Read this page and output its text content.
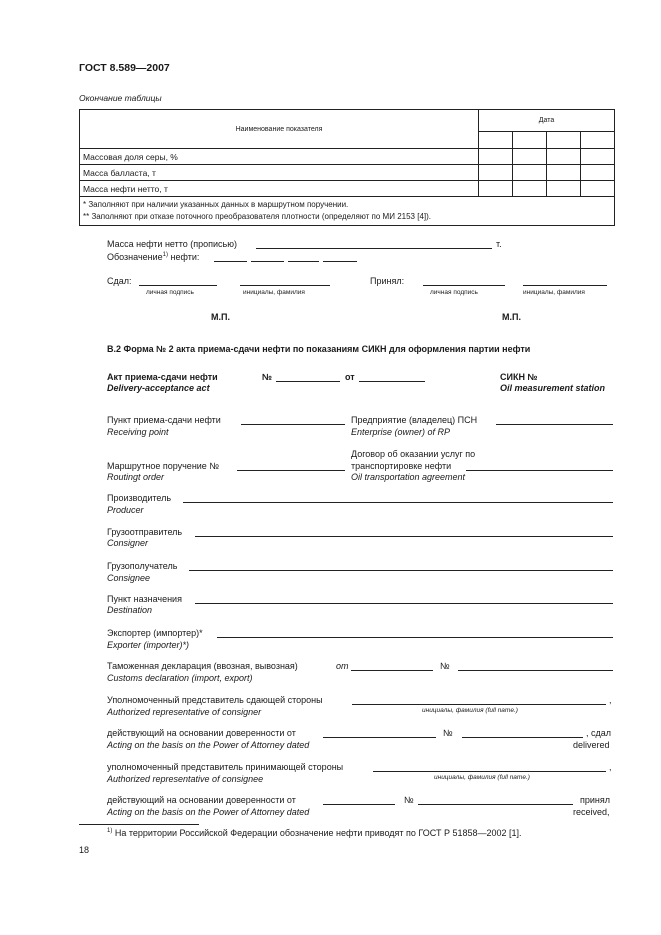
ГОСТ 8.589—2007
Окончание таблицы
Наименование показателя	Дата			

Массовая доля серы, %				
Масса балласта, т				
Масса нефти нетто, т				

* Заполняют при наличии указанных данных в маршрутном поручении.
** Заполняют при отказе поточного преобразователя плотности (определяют по МИ 2153 [4]).				
Масса нефти нетто (прописью)	т.
Обозначение$^{1)}$ нефти:
Сдал:
личная подпись	инициалы, фамилия
Принял:
личная подпись	инициалы, фамилия
М.П.	М.П.
В.2 Форма № 2 акта приема-сдачи нефти по показаниям СИКН для оформления партии нефти
Акт приема-сдачи нефти
Delivery-acceptance act
№	от	СИКН №
Oil measurement station
Пункт приема-сдачи нефти
Receiving point
Предприятие (владелец) ПСН
Enterprise (owner) of RP
Договор об оказании услуг по
транспортировке нефти
Oil transportation agreement
Маршрутное поручение №
Routingt order
Производитель
Producer
Грузоотправитель
Consigner
Грузополучатель
Consignee
Пункт назначения
Destination
Экспортер (импортер)*
Exporter (importer)*)
Таможенная декларация (ввозная, вывозная)	от	№
Customs declaration (import, export)
Уполномоченный представитель сдающей стороны	,
Authorized representative of consigner	инициалы, фамилия (full name.)
действующий на основании доверенности от	№	, сдал
Acting on the basis on the Power of Attorney dated	delivered
уполномоченный представитель принимающей стороны	,
Authorized representative of consignee	инициалы, фамилия (full name.)
действующий на основании доверенности от	№	принял
Acting on the basis on the Power of Attorney dated	received,
$^{1)}$ На территории Российской Федерации обозначение нефти приводят по ГОСТ Р 51858—2002 [1].
18
